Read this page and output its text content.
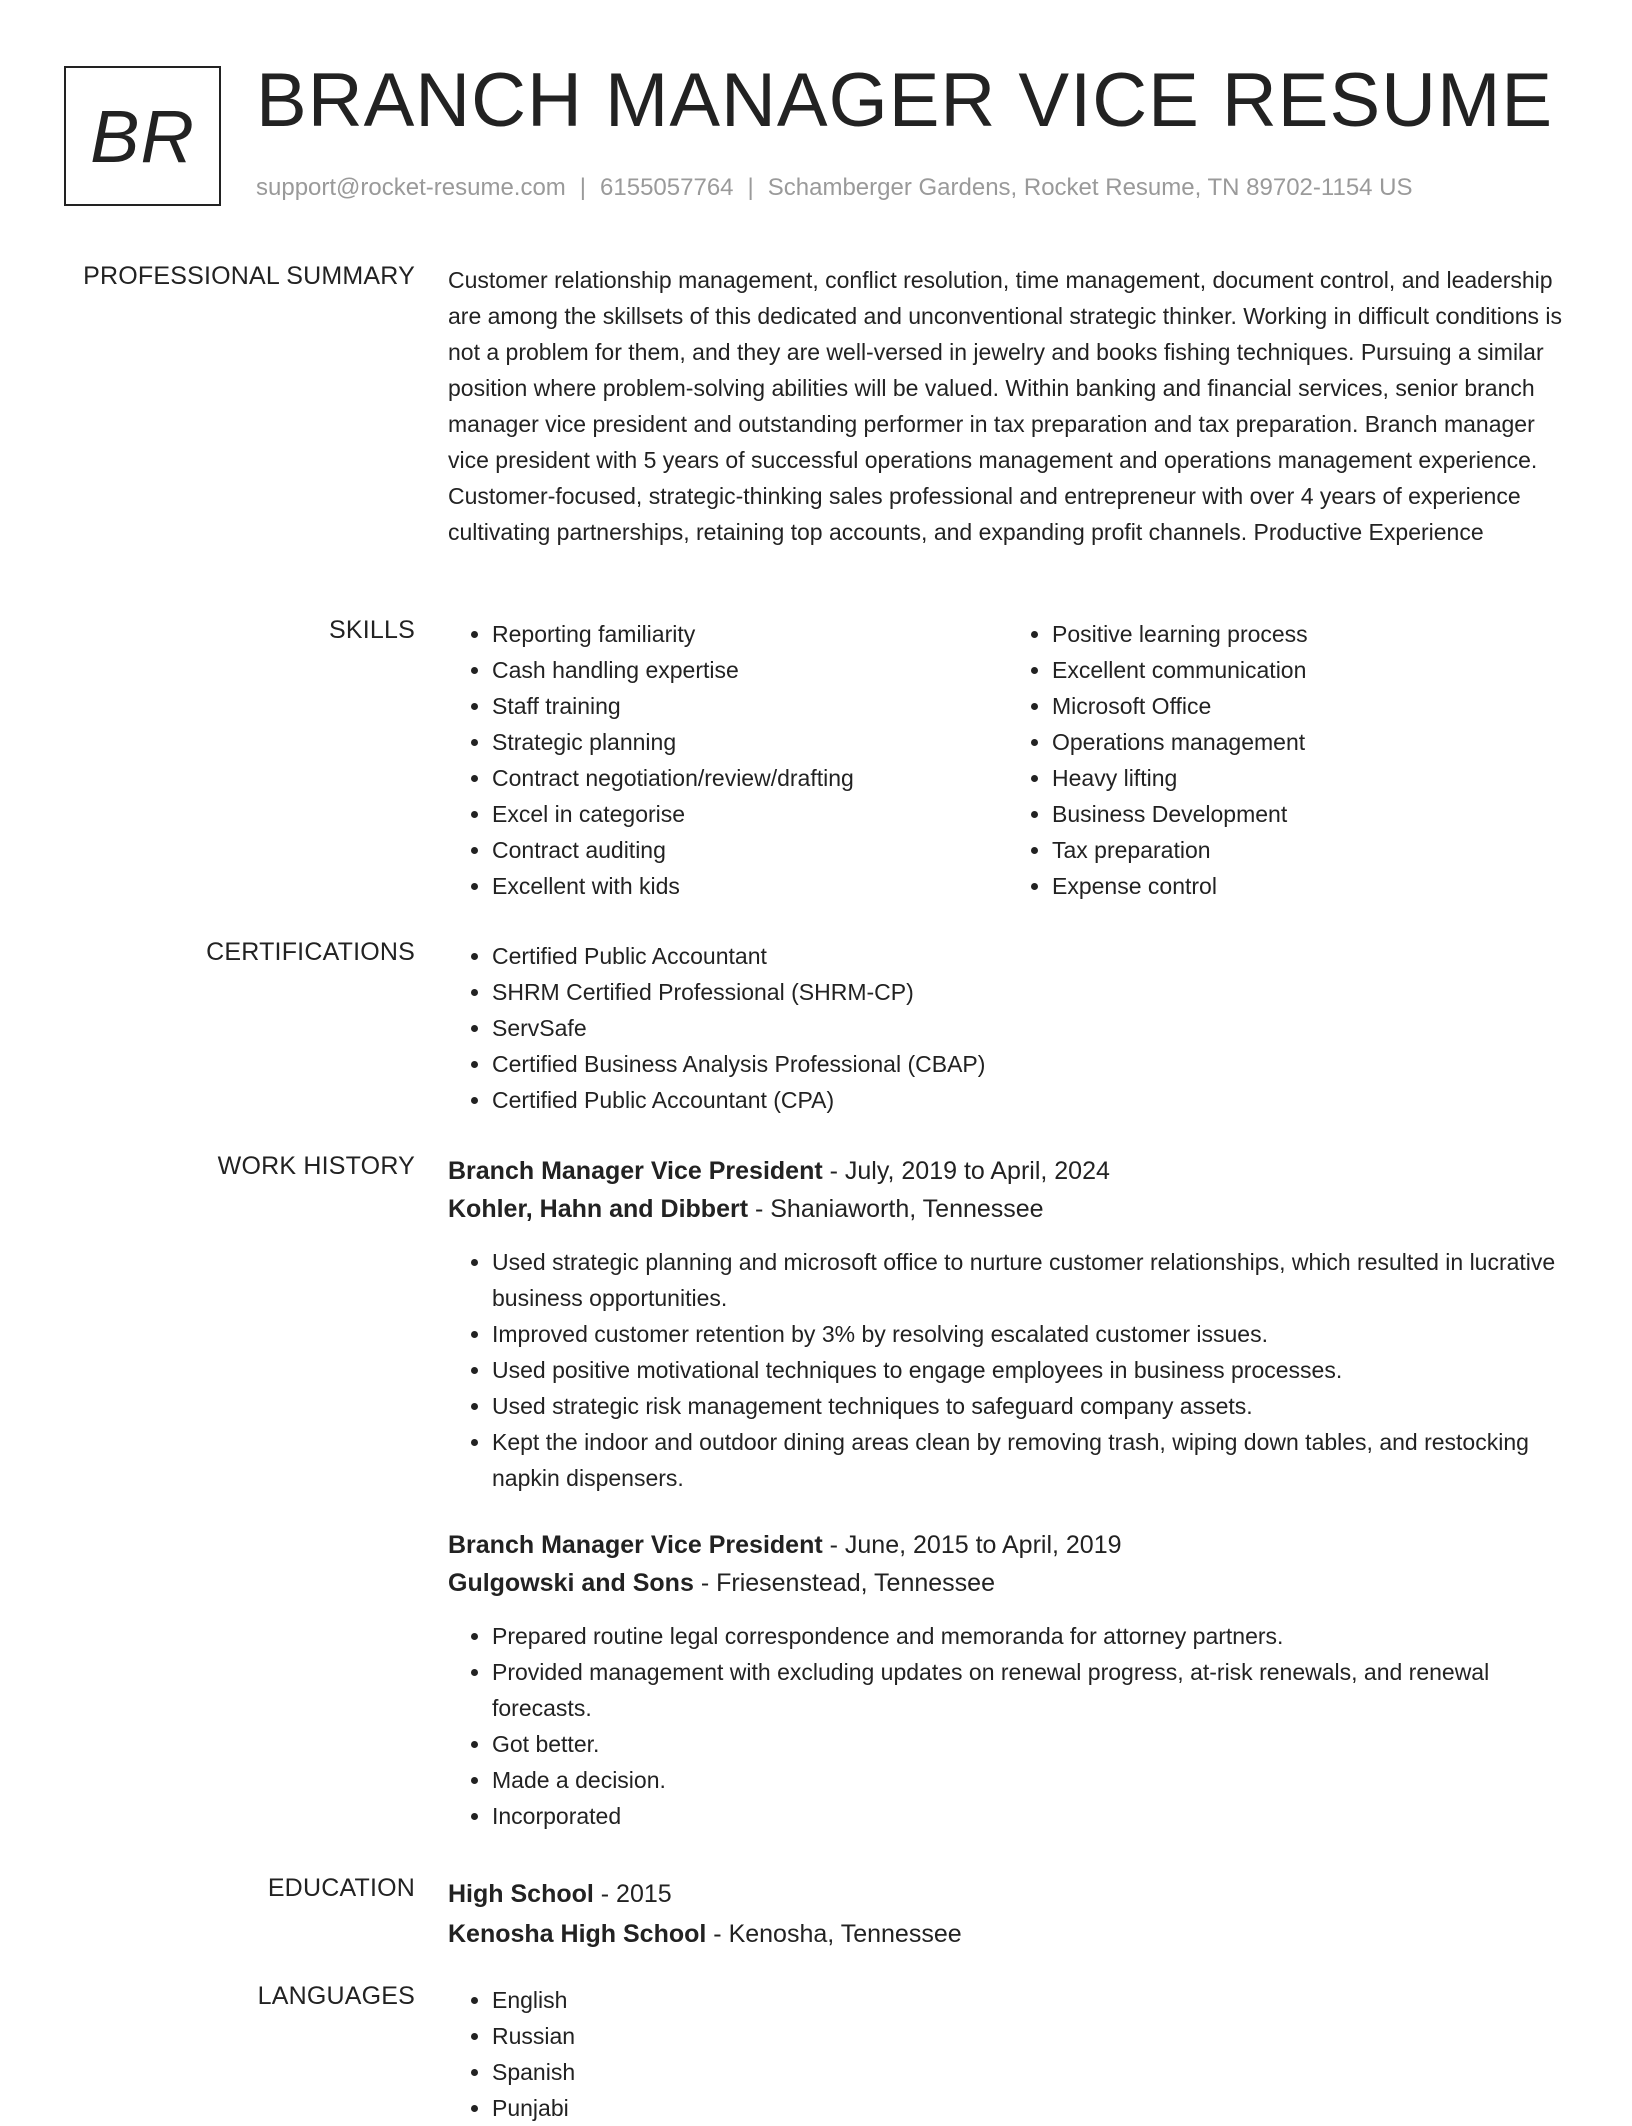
BR BRANCH MANAGER VICE RESUME
support@rocket-resume.com | 6155057764 | Schamberger Gardens, Rocket Resume, TN 89702-1154 US
PROFESSIONAL SUMMARY Customer relationship management, conflict resolution, time management, document control, and leadership are among the skillsets of this dedicated and unconventional strategic thinker. Working in difficult conditions is not a problem for them, and they are well-versed in jewelry and books fishing techniques. Pursuing a similar position where problem-solving abilities will be valued. Within banking and financial services, senior branch manager vice president and outstanding performer in tax preparation and tax preparation. Branch manager vice president with 5 years of successful operations management and operations management experience. Customer-focused, strategic-thinking sales professional and entrepreneur with over 4 years of experience cultivating partnerships, retaining top accounts, and expanding profit channels. Productive Experience

SKILLS	• Reporting familiarity
• Cash handling expertise
• Staff training
• Strategic planning
• Contract negotiation/review/drafting
• Excel in categorise
• Contract auditing
• Excellent with kids
• Positive learning process
• Excellent communication
• Microsoft Office
• Operations management
• Heavy lifting
• Business Development
• Tax preparation
• Expense control
CERTIFICATIONS	• Certified Public Accountant
• SHRM Certified Professional (SHRM-CP)
• ServSafe
• Certified Business Analysis Professional (CBAP)
• Certified Public Accountant (CPA)
WORK HISTORY Branch Manager Vice President - July, 2019 to April, 2024
Kohler, Hahn and Dibbert - Shaniaworth, Tennessee
• Used strategic planning and microsoft office to nurture customer relationships, which resulted in lucrative business opportunities.
• Improved customer retention by 3% by resolving escalated customer issues.
• Used positive motivational techniques to engage employees in business processes.
• Used strategic risk management techniques to safeguard company assets.
• Kept the indoor and outdoor dining areas clean by removing trash, wiping down tables, and restocking napkin dispensers.
Branch Manager Vice President - June, 2015 to April, 2019
Gulgowski and Sons - Friesenstead, Tennessee
• Prepared routine legal correspondence and memoranda for attorney partners.
• Provided management with excluding updates on renewal progress, at-risk renewals, and renewal forecasts.
• Got better.
• Made a decision.
• Incorporated
EDUCATION High School - 2015
Kenosha High School - Kenosha, Tennessee
LANGUAGES	• English
• Russian
• Spanish
• Punjabi
